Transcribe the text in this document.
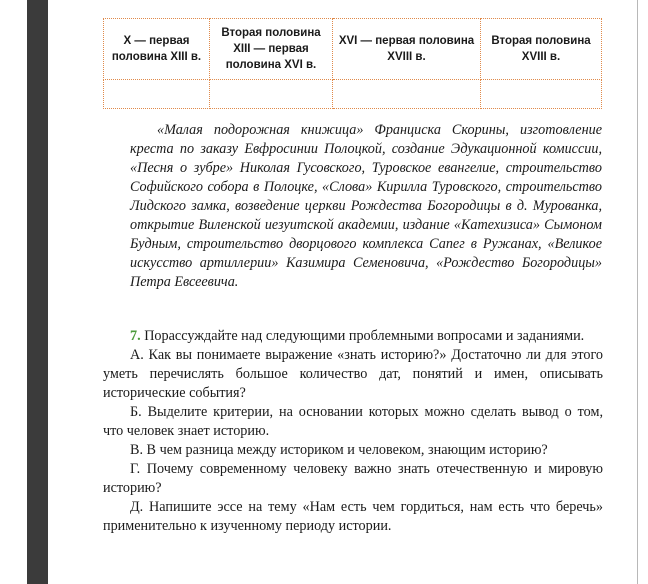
Х — первая половина XIII в.	Вторая половина XIII — первая половина XVI в.	XVI — первая половина XVIII в.	Вторая половина XVIII в.

«Малая подорожная книжица» Франциска Скорины, изготовление креста по заказу Евфросинии Полоцкой, создание Эдукационной комиссии, «Песня о зубре» Николая Гусовского, Туровское евангелие, строительство Софийского собора в Полоцке, «Слова» Кирилла Туровского, строительство Лидского замка, возведение церкви Рождества Богородицы в д. Мурованка, открытие Виленской иезуитской академии, издание «Катехизиса» Сымоном Будным, строительство дворцового комплекса Сапег в Ружанах, «Великое искусство артиллерии» Казимира Семеновича, «Рождество Богородицы» Петра Евсеевича.

7. Порассуждайте над следующими проблемными вопросами и заданиями.

А. Как вы понимаете выражение «знать историю?» Достаточно ли для этого уметь перечислять большое количество дат, понятий и имен, описывать исторические события?

Б. Выделите критерии, на основании которых можно сделать вывод о том, что человек знает историю.

В. В чем разница между историком и человеком, знающим историю?

Г. Почему современному человеку важно знать отечественную и мировую историю?

Д. Напишите эссе на тему «Нам есть чем гордиться, нам есть что беречь» применительно к изученному периоду истории.
